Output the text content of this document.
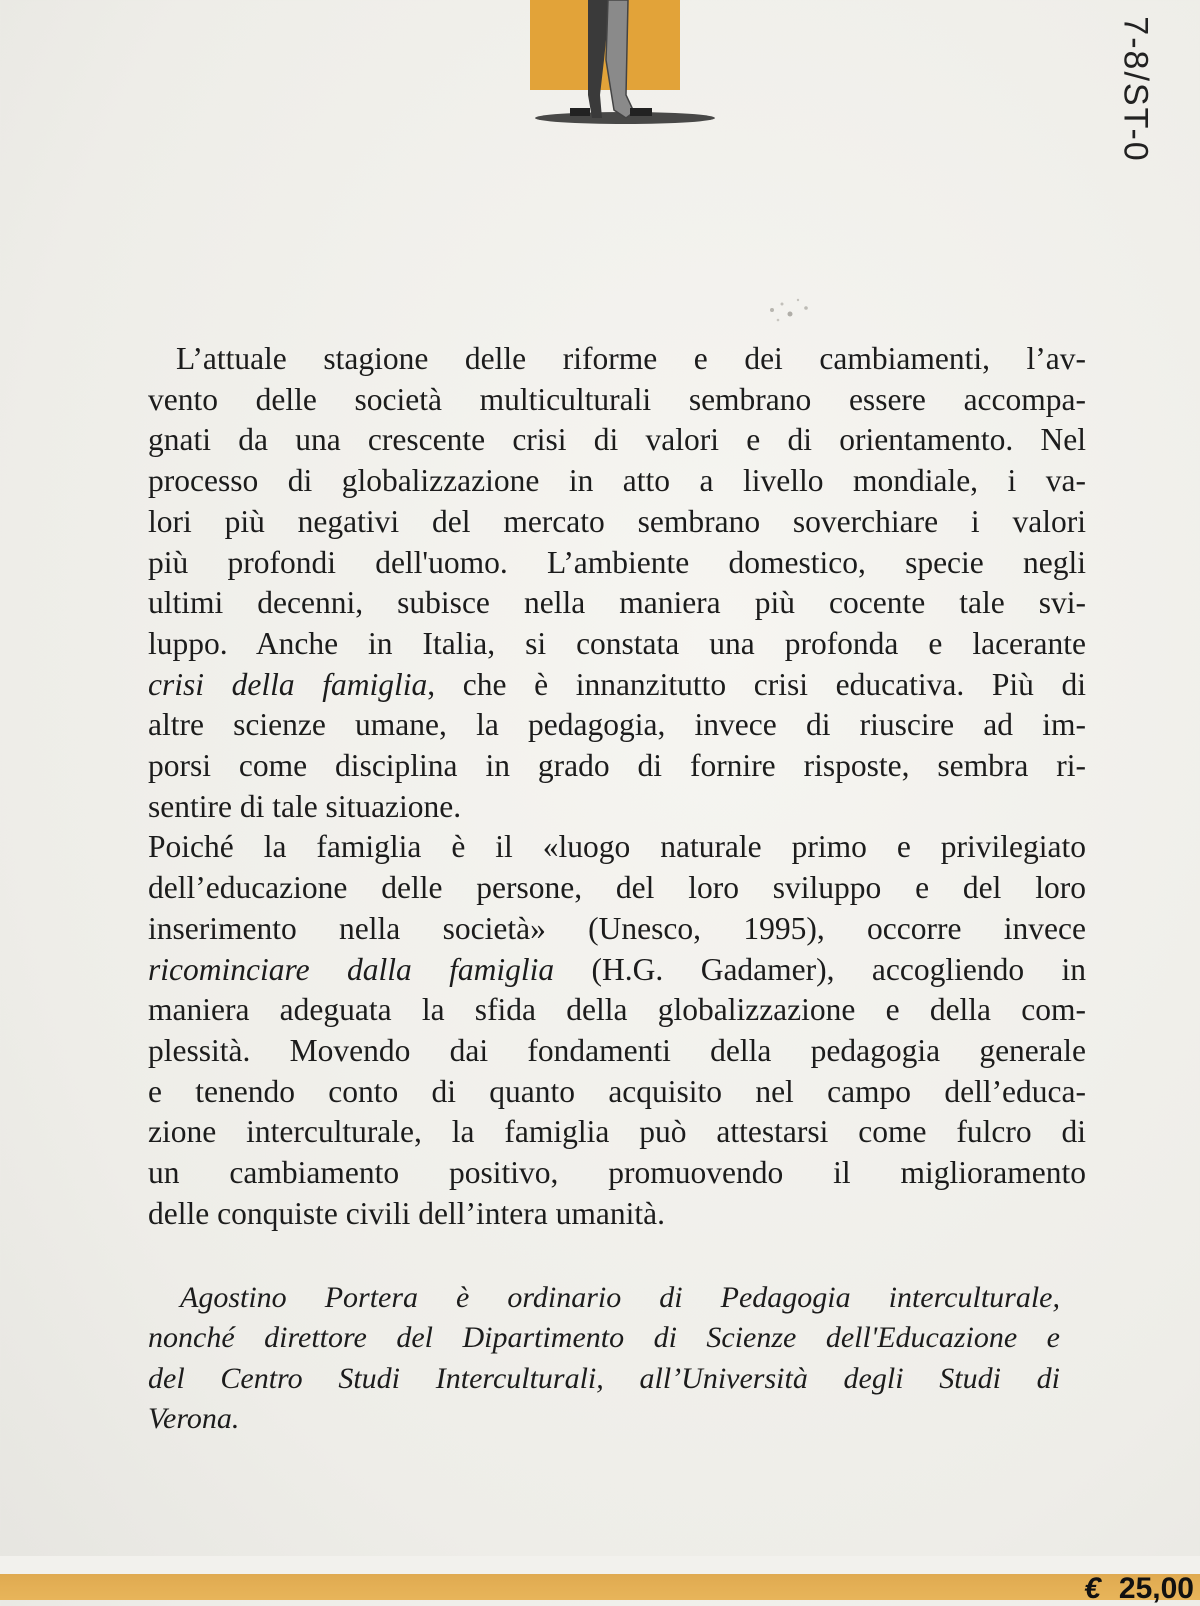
7-8/ST-0
L’attuale stagione delle riforme e dei cambiamenti, l’av-
vento delle società multiculturali sembrano essere accompa-
gnati da una crescente crisi di valori e di orientamento. Nel
processo di globalizzazione in atto a livello mondiale, i va-
lori più negativi del mercato sembrano soverchiare i valori
più profondi dell'uomo. L’ambiente domestico, specie negli
ultimi decenni, subisce nella maniera più cocente tale svi-
luppo. Anche in Italia, si constata una profonda e lacerante
crisi della famiglia, che è innanzitutto crisi educativa. Più di
altre scienze umane, la pedagogia, invece di riuscire ad im-
porsi come disciplina in grado di fornire risposte, sembra ri-
sentire di tale situazione.
Poiché la famiglia è il «luogo naturale primo e privilegiato
dell’educazione delle persone, del loro sviluppo e del loro
inserimento nella società» (Unesco, 1995), occorre invece
ricominciare dalla famiglia (H.G. Gadamer), accogliendo in
maniera adeguata la sfida della globalizzazione e della com-
plessità. Movendo dai fondamenti della pedagogia generale
e tenendo conto di quanto acquisito nel campo dell’educa-
zione interculturale, la famiglia può attestarsi come fulcro di
un cambiamento positivo, promuovendo il miglioramento
delle conquiste civili dell’intera umanità.
Agostino Portera è ordinario di Pedagogia interculturale,
nonché direttore del Dipartimento di Scienze dell'Educazione e
del Centro Studi Interculturali, all’Università degli Studi di
Verona.
€ 25,00
